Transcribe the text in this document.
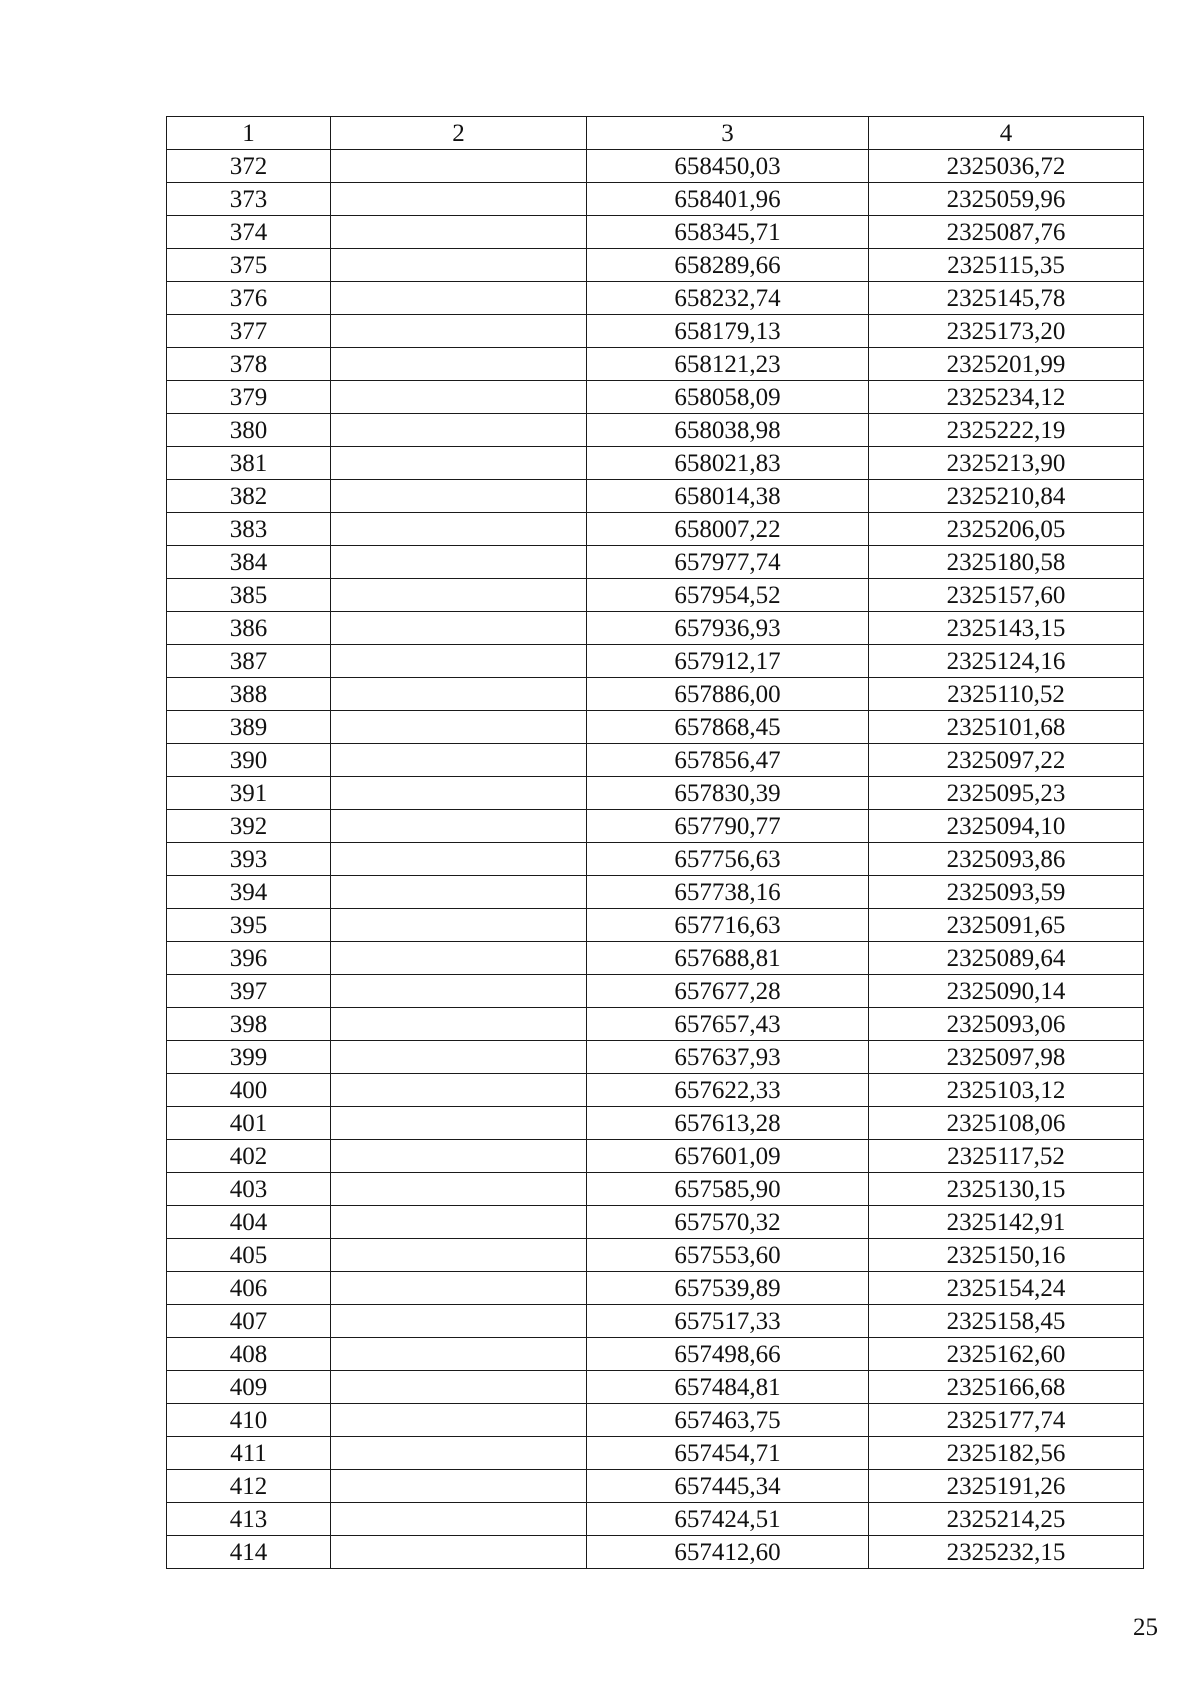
1	2	3	4
372		658450,03	2325036,72
373		658401,96	2325059,96
374		658345,71	2325087,76
375		658289,66	2325115,35
376		658232,74	2325145,78
377		658179,13	2325173,20
378		658121,23	2325201,99
379		658058,09	2325234,12
380		658038,98	2325222,19
381		658021,83	2325213,90
382		658014,38	2325210,84
383		658007,22	2325206,05
384		657977,74	2325180,58
385		657954,52	2325157,60
386		657936,93	2325143,15
387		657912,17	2325124,16
388		657886,00	2325110,52
389		657868,45	2325101,68
390		657856,47	2325097,22
391		657830,39	2325095,23
392		657790,77	2325094,10
393		657756,63	2325093,86
394		657738,16	2325093,59
395		657716,63	2325091,65
396		657688,81	2325089,64
397		657677,28	2325090,14
398		657657,43	2325093,06
399		657637,93	2325097,98
400		657622,33	2325103,12
401		657613,28	2325108,06
402		657601,09	2325117,52
403		657585,90	2325130,15
404		657570,32	2325142,91
405		657553,60	2325150,16
406		657539,89	2325154,24
407		657517,33	2325158,45
408		657498,66	2325162,60
409		657484,81	2325166,68
410		657463,75	2325177,74
411		657454,71	2325182,56
412		657445,34	2325191,26
413		657424,51	2325214,25
414		657412,60	2325232,15
25
